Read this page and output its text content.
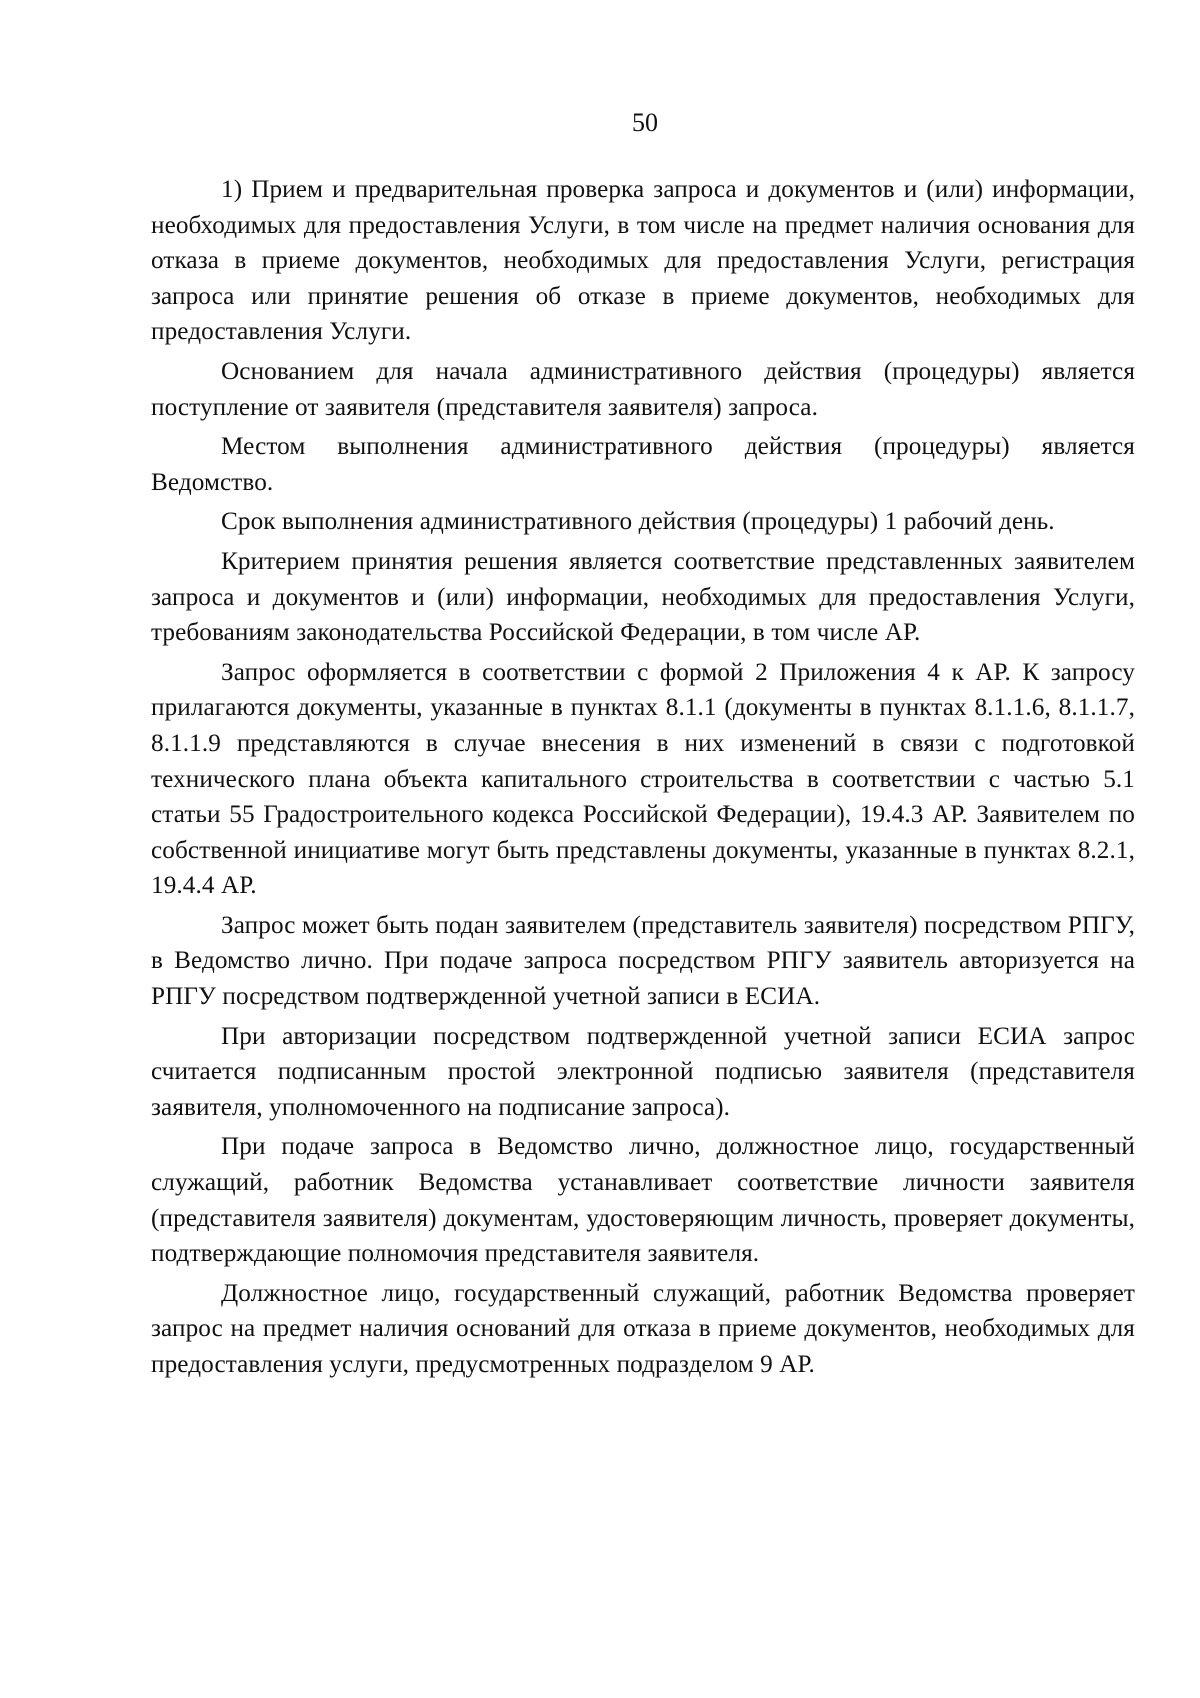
50

1) Прием и предварительная проверка запроса и документов и (или) информации, необходимых для предоставления Услуги, в том числе на предмет наличия основания для отказа в приеме документов, необходимых для предоставления Услуги, регистрация запроса или принятие решения об отказе в приеме документов, необходимых для предоставления Услуги.

Основанием для начала административного действия (процедуры) является поступление от заявителя (представителя заявителя) запроса.

Местом выполнения административного действия (процедуры) является Ведомство.

Срок выполнения административного действия (процедуры) 1 рабочий день.

Критерием принятия решения является соответствие представленных заявителем запроса и документов и (или) информации, необходимых для предоставления Услуги, требованиям законодательства Российской Федерации, в том числе АР.

Запрос оформляется в соответствии с формой 2 Приложения 4 к АР. К запросу прилагаются документы, указанные в пунктах 8.1.1 (документы в пунктах 8.1.1.6, 8.1.1.7, 8.1.1.9 представляются в случае внесения в них изменений в связи с подготовкой технического плана объекта капитального строительства в соответствии с частью 5.1 статьи 55 Градостроительного кодекса Российской Федерации), 19.4.3 АР. Заявителем по собственной инициативе могут быть представлены документы, указанные в пунктах 8.2.1, 19.4.4 АР.

Запрос может быть подан заявителем (представитель заявителя) посредством РПГУ, в Ведомство лично. При подаче запроса посредством РПГУ заявитель авторизуется на РПГУ посредством подтвержденной учетной записи в ЕСИА.

При авторизации посредством подтвержденной учетной записи ЕСИА запрос считается подписанным простой электронной подписью заявителя (представителя заявителя, уполномоченного на подписание запроса).

При подаче запроса в Ведомство лично, должностное лицо, государственный служащий, работник Ведомства устанавливает соответствие личности заявителя (представителя заявителя) документам, удостоверяющим личность, проверяет документы, подтверждающие полномочия представителя заявителя.

Должностное лицо, государственный служащий, работник Ведомства проверяет запрос на предмет наличия оснований для отказа в приеме документов, необходимых для предоставления услуги, предусмотренных подразделом 9 АР.
